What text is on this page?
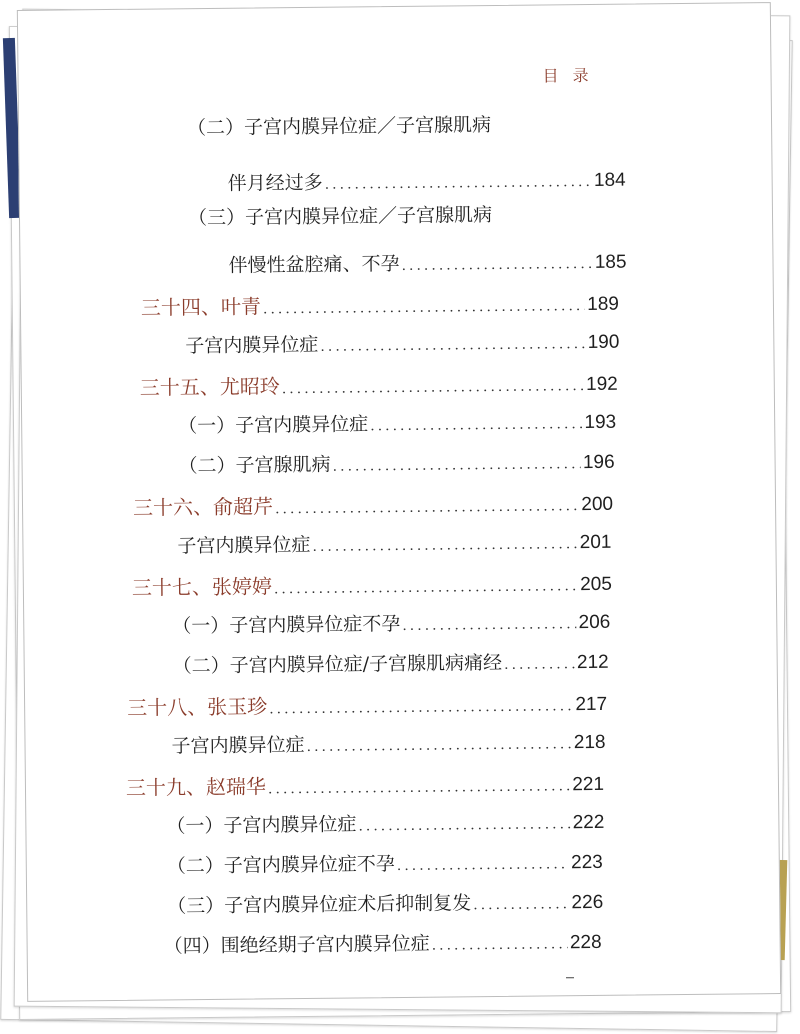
目录
（二）子宫内膜异位症／子宫腺肌病
伴月经过多 .....	184
（三）子宫内膜异位症／子宫腺肌病
伴慢性盆腔痛、不孕 .....	185
三十四、叶青 .....	189
子宫内膜异位症 .....	190
三十五、尤昭玲 .....	192
（一）子宫内膜异位症 .....	193
（二）子宫腺肌病 .....	196
三十六、俞超芹 .....	200
子宫内膜异位症 .....	201
三十七、张婷婷 .....	205
（一）子宫内膜异位症不孕 .....	206
（二）子宫内膜异位症/子宫腺肌病痛经 .....	212
三十八、张玉珍 .....	217
子宫内膜异位症 .....	218
三十九、赵瑞华 .....	221
（一）子宫内膜异位症 .....	222
（二）子宫内膜异位症不孕 .....	223
（三）子宫内膜异位症术后抑制复发 .....	226
（四）围绝经期子宫内膜异位症 .....	228
